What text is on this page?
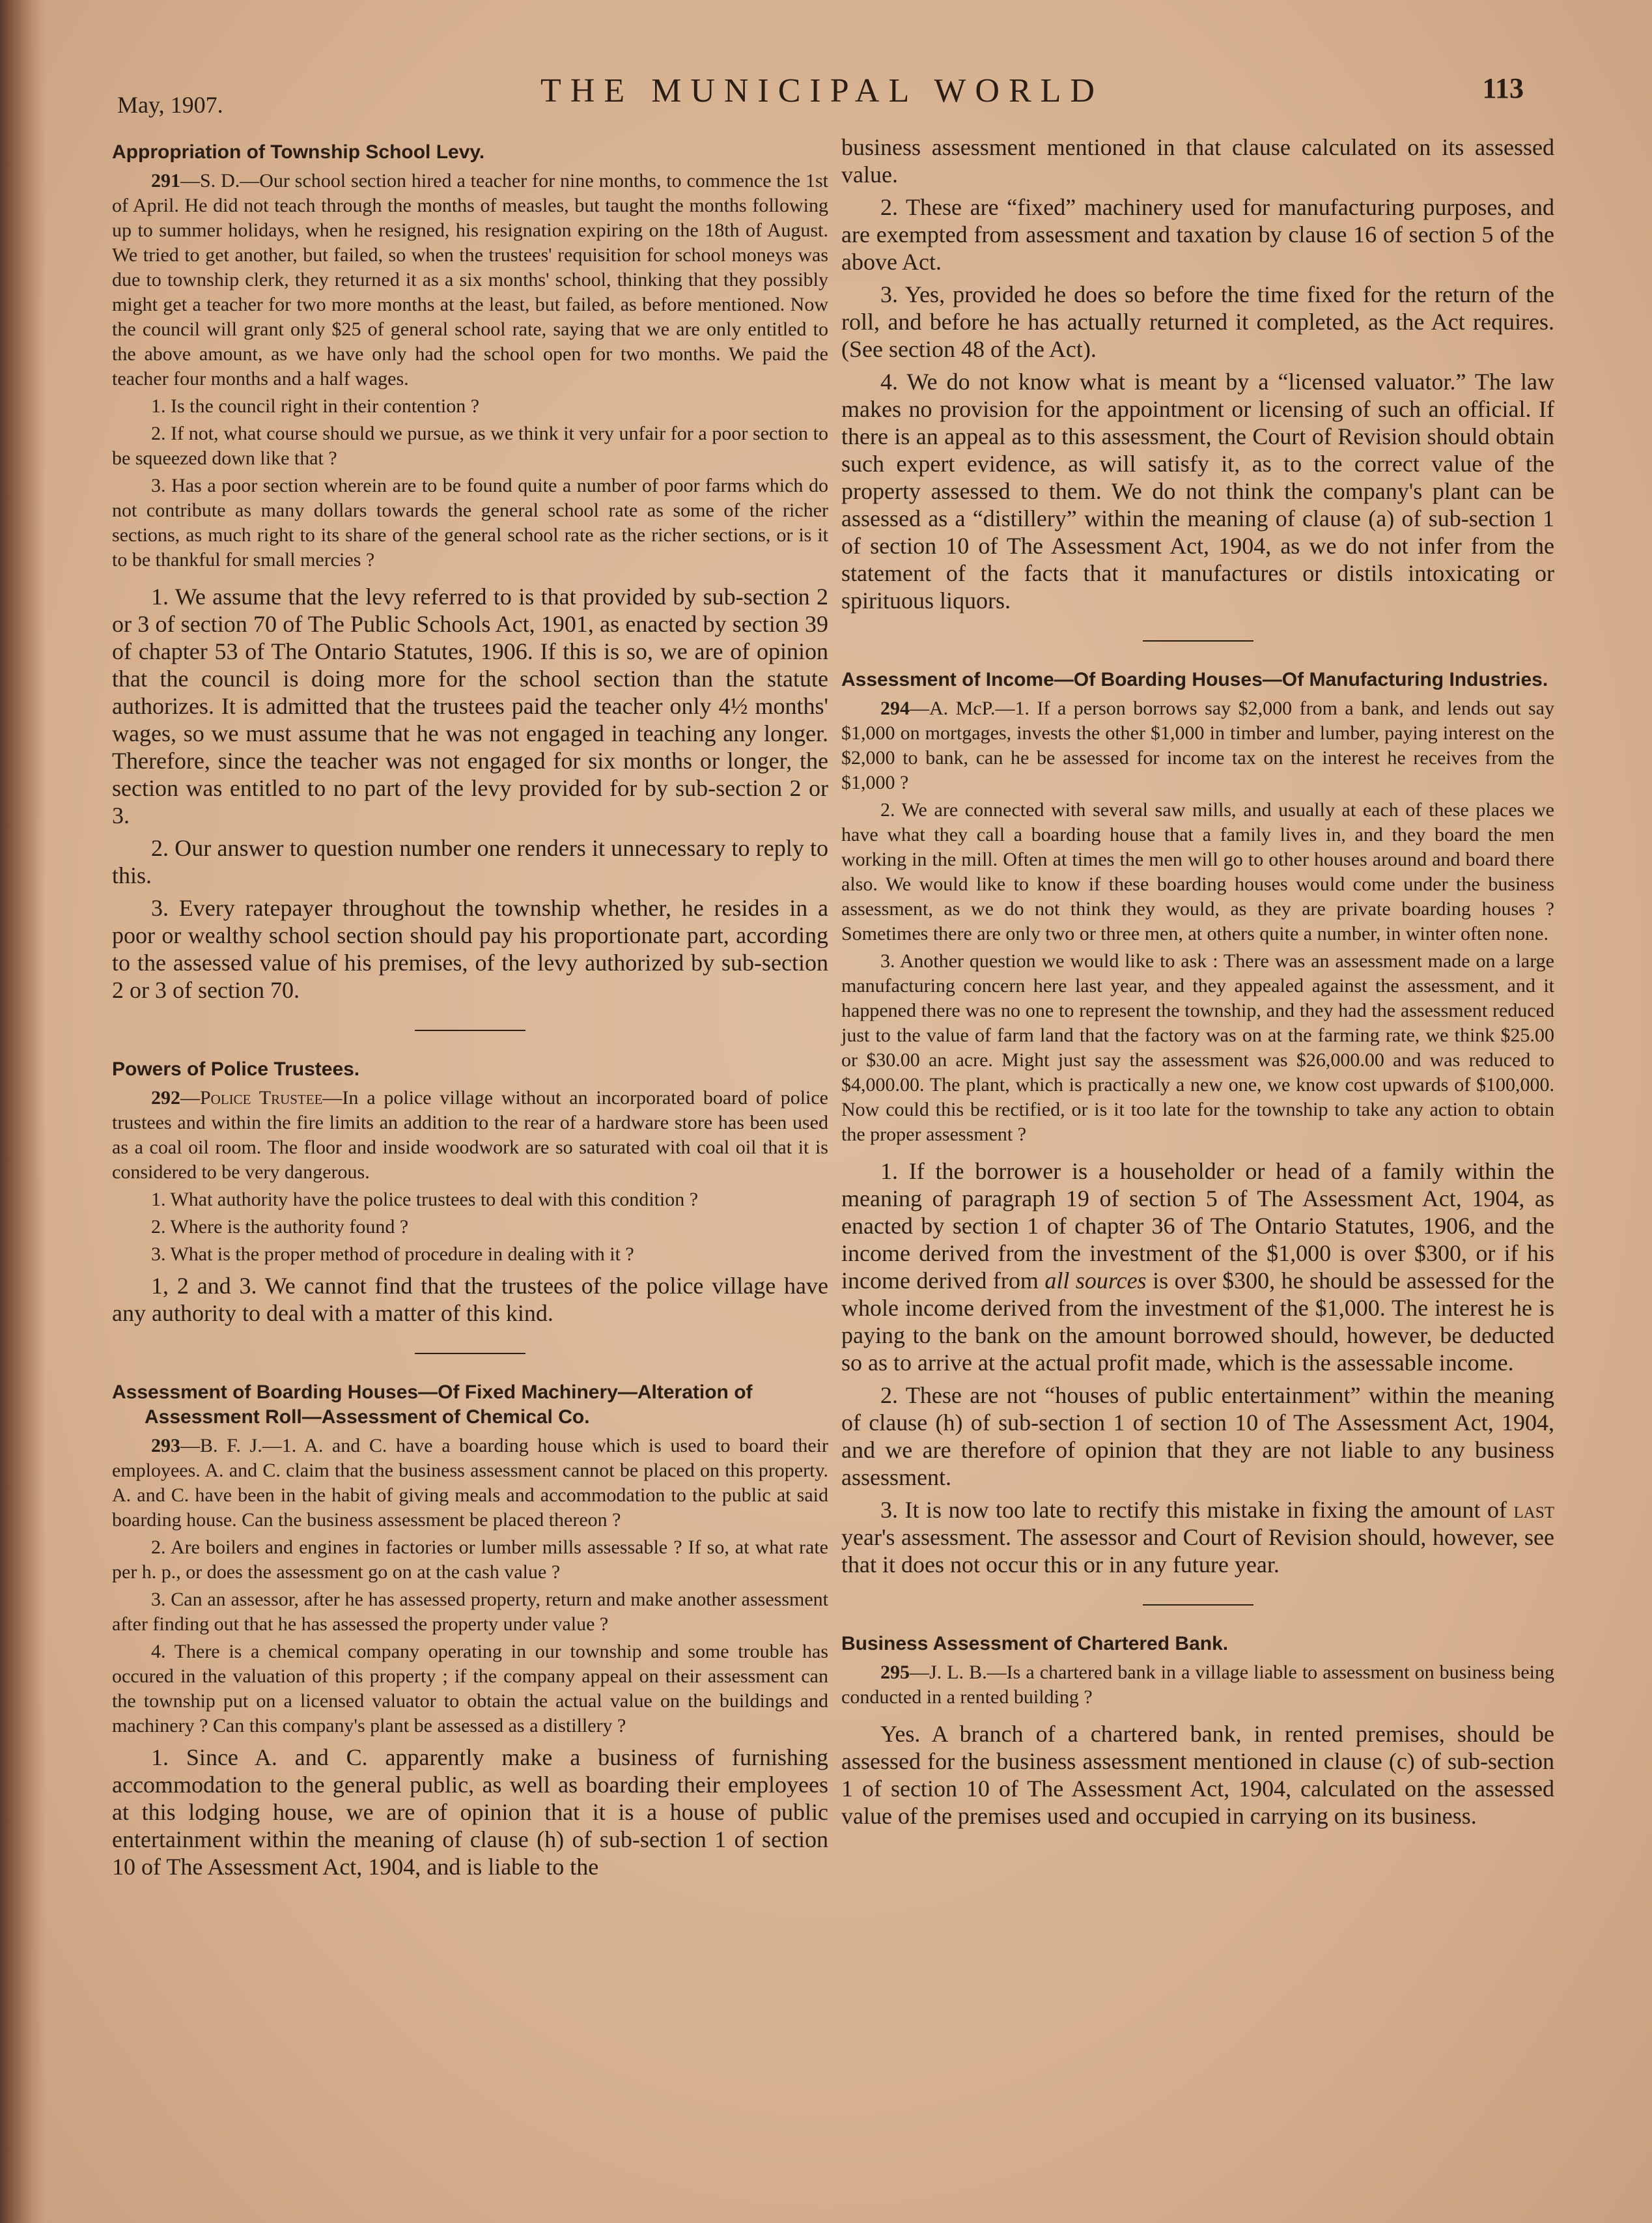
May, 1907.	THE MUNICIPAL WORLD	113
Appropriation of Township School Levy.

291—S. D.—Our school section hired a teacher for nine months, to commence the 1st of April. He did not teach through the months of measles, but taught the months following up to summer holidays, when he resigned, his resignation expiring on the 18th of August. We tried to get another, but failed, so when the trustees' requisition for school moneys was due to township clerk, they returned it as a six months' school, thinking that they possibly might get a teacher for two more months at the least, but failed, as before mentioned. Now the council will grant only $25 of general school rate, saying that we are only entitled to the above amount, as we have only had the school open for two months. We paid the teacher four months and a half wages.

1. Is the council right in their contention ?

2. If not, what course should we pursue, as we think it very unfair for a poor section to be squeezed down like that ?

3. Has a poor section wherein are to be found quite a number of poor farms which do not contribute as many dollars towards the general school rate as some of the richer sections, as much right to its share of the general school rate as the richer sections, or is it to be thankful for small mercies ?

1. We assume that the levy referred to is that provided by sub-section 2 or 3 of section 70 of The Public Schools Act, 1901, as enacted by section 39 of chapter 53 of The Ontario Statutes, 1906. If this is so, we are of opinion that the council is doing more for the school section than the statute authorizes. It is admitted that the trustees paid the teacher only 4½ months' wages, so we must assume that he was not engaged in teaching any longer. Therefore, since the teacher was not engaged for six months or longer, the section was entitled to no part of the levy provided for by sub-section 2 or 3.

2. Our answer to question number one renders it unnecessary to reply to this.

3. Every ratepayer throughout the township whether, he resides in a poor or wealthy school section should pay his proportionate part, according to the assessed value of his premises, of the levy authorized by sub-section 2 or 3 of section 70.

Powers of Police Trustees.

292—Police Trustee—In a police village without an incorporated board of police trustees and within the fire limits an addition to the rear of a hardware store has been used as a coal oil room. The floor and inside woodwork are so saturated with coal oil that it is considered to be very dangerous.

1. What authority have the police trustees to deal with this condition ?

2. Where is the authority found ?

3. What is the proper method of procedure in dealing with it ?

1, 2 and 3. We cannot find that the trustees of the police village have any authority to deal with a matter of this kind.

Assessment of Boarding Houses—Of Fixed Machinery—Alteration of Assessment Roll—Assessment of Chemical Co.

293—B. F. J.—1. A. and C. have a boarding house which is used to board their employees. A. and C. claim that the business assessment cannot be placed on this property. A. and C. have been in the habit of giving meals and accommodation to the public at said boarding house. Can the business assessment be placed thereon ?

2. Are boilers and engines in factories or lumber mills assessable ? If so, at what rate per h. p., or does the assessment go on at the cash value ?

3. Can an assessor, after he has assessed property, return and make another assessment after finding out that he has assessed the property under value ?

4. There is a chemical company operating in our township and some trouble has occured in the valuation of this property ; if the company appeal on their assessment can the township put on a licensed valuator to obtain the actual value on the buildings and machinery ? Can this company's plant be assessed as a distillery ?

1. Since A. and C. apparently make a business of furnishing accommodation to the general public, as well as boarding their employees at this lodging house, we are of opinion that it is a house of public entertainment within the meaning of clause (h) of sub-section 1 of section 10 of The Assessment Act, 1904, and is liable to the

business assessment mentioned in that clause calculated on its assessed value.

2. These are “fixed” machinery used for manufacturing purposes, and are exempted from assessment and taxation by clause 16 of section 5 of the above Act.

3. Yes, provided he does so before the time fixed for the return of the roll, and before he has actually returned it completed, as the Act requires. (See section 48 of the Act).

4. We do not know what is meant by a “licensed valuator.” The law makes no provision for the appointment or licensing of such an official. If there is an appeal as to this assessment, the Court of Revision should obtain such expert evidence, as will satisfy it, as to the correct value of the property assessed to them. We do not think the company's plant can be assessed as a “distillery” within the meaning of clause (a) of sub-section 1 of section 10 of The Assessment Act, 1904, as we do not infer from the statement of the facts that it manufactures or distils intoxicating or spirituous liquors.

Assessment of Income—Of Boarding Houses—Of Manufacturing Industries.

294—A. McP.—1. If a person borrows say $2,000 from a bank, and lends out say $1,000 on mortgages, invests the other $1,000 in timber and lumber, paying interest on the $2,000 to bank, can he be assessed for income tax on the interest he receives from the $1,000 ?

2. We are connected with several saw mills, and usually at each of these places we have what they call a boarding house that a family lives in, and they board the men working in the mill. Often at times the men will go to other houses around and board there also. We would like to know if these boarding houses would come under the business assessment, as we do not think they would, as they are private boarding houses ? Sometimes there are only two or three men, at others quite a number, in winter often none.

3. Another question we would like to ask : There was an assessment made on a large manufacturing concern here last year, and they appealed against the assessment, and it happened there was no one to represent the township, and they had the assessment reduced just to the value of farm land that the factory was on at the farming rate, we think $25.00 or $30.00 an acre. Might just say the assessment was $26,000.00 and was reduced to $4,000.00. The plant, which is practically a new one, we know cost upwards of $100,000. Now could this be rectified, or is it too late for the township to take any action to obtain the proper assessment ?

1. If the borrower is a householder or head of a family within the meaning of paragraph 19 of section 5 of The Assessment Act, 1904, as enacted by section 1 of chapter 36 of The Ontario Statutes, 1906, and the income derived from the investment of the $1,000 is over $300, or if his income derived from all sources is over $300, he should be assessed for the whole income derived from the investment of the $1,000. The interest he is paying to the bank on the amount borrowed should, however, be deducted so as to arrive at the actual profit made, which is the assessable income.

2. These are not “houses of public entertainment” within the meaning of clause (h) of sub-section 1 of section 10 of The Assessment Act, 1904, and we are therefore of opinion that they are not liable to any business assessment.

3. It is now too late to rectify this mistake in fixing the amount of last year's assessment. The assessor and Court of Revision should, however, see that it does not occur this or in any future year.

Business Assessment of Chartered Bank.

295—J. L. B.—Is a chartered bank in a village liable to assessment on business being conducted in a rented building ?

Yes. A branch of a chartered bank, in rented premises, should be assessed for the business assessment mentioned in clause (c) of sub-section 1 of section 10 of The Assessment Act, 1904, calculated on the assessed value of the premises used and occupied in carrying on its business.
